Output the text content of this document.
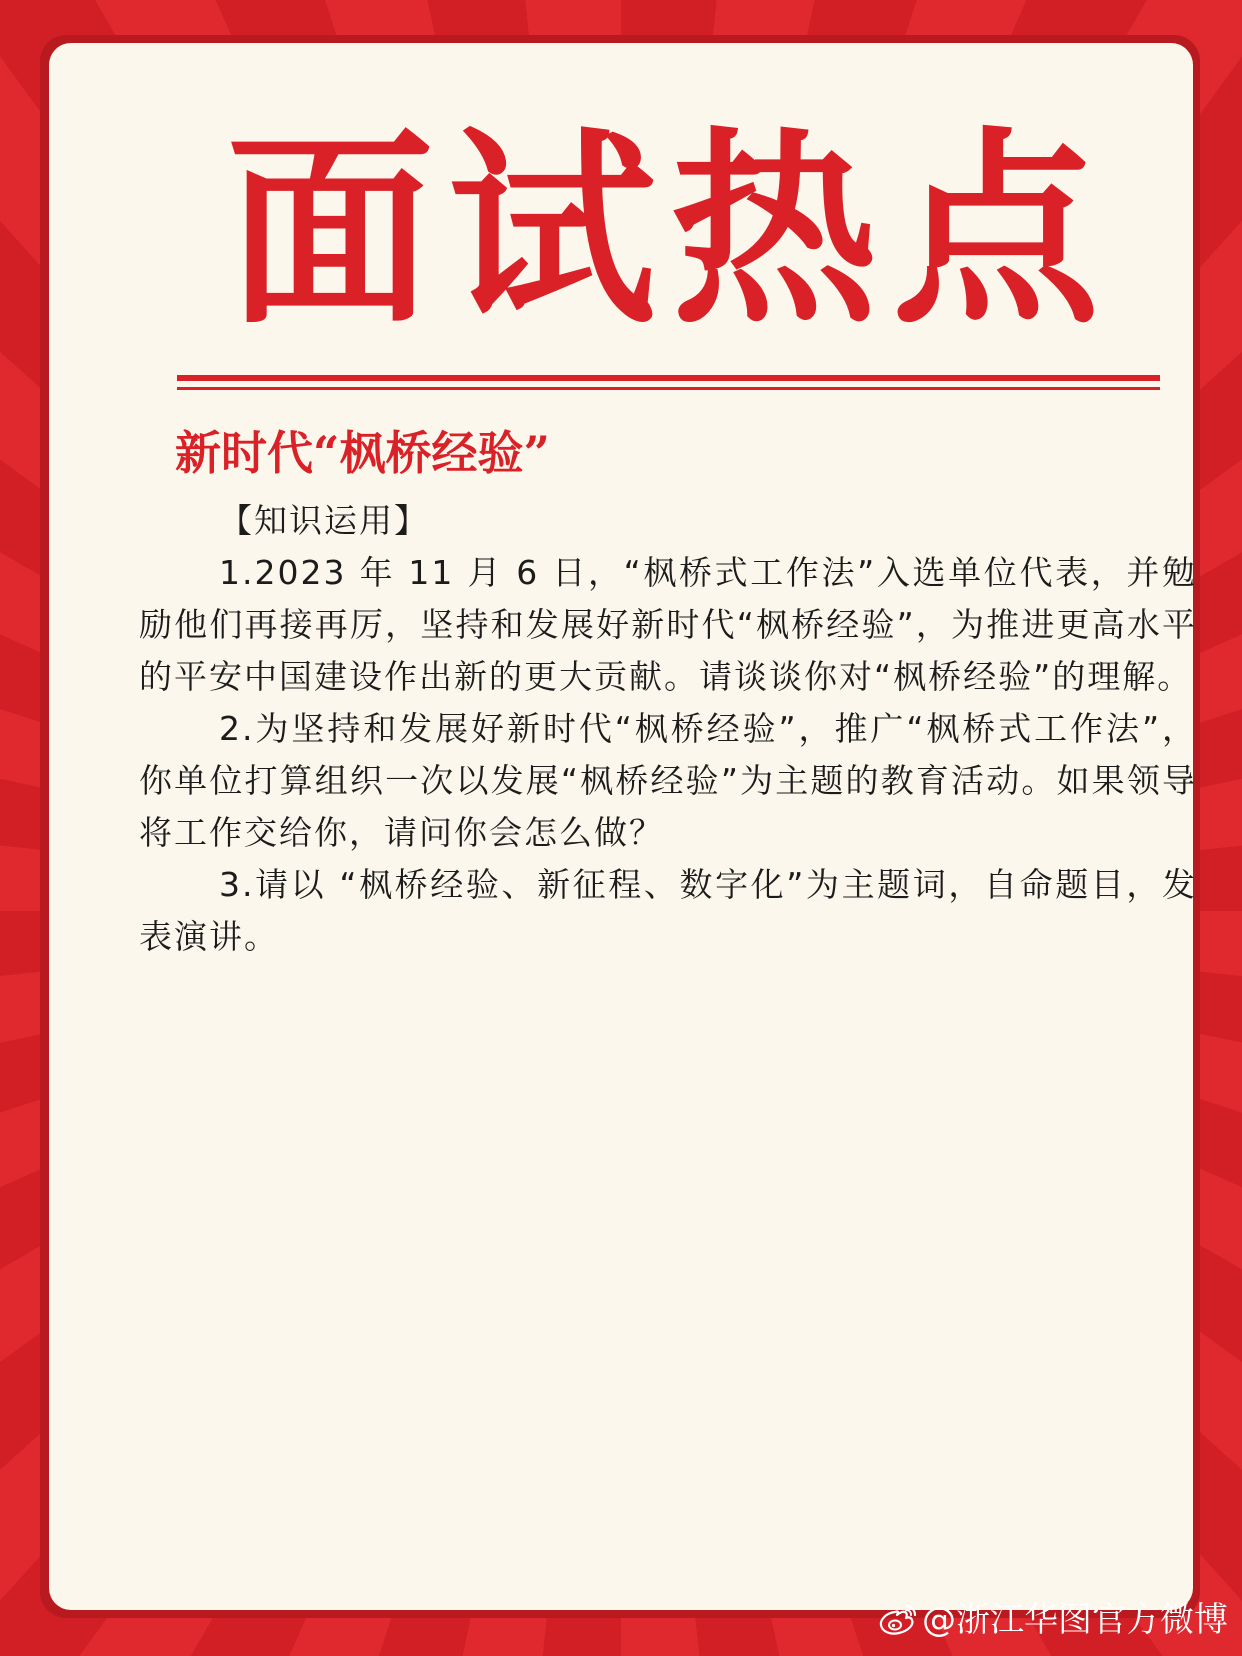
面试热点
新时代“枫桥经验”

【知识运用】

1.2023 年 11 月 6 日，“枫桥式工作法”入选单位代表，并勉励他们再接再厉，坚持和发展好新时代“枫桥经验”，为推进更高水平的平安中国建设作出新的更大贡献。请谈谈你对“枫桥经验”的理解。

2.为坚持和发展好新时代“枫桥经验”，推广“枫桥式工作法”，你单位打算组织一次以发展“枫桥经验”为主题的教育活动。如果领导将工作交给你，请问你会怎么做？

3.请以 “枫桥经验、新征程、数字化”为主题词，自命题目，发表演讲。

@浙江华图官方微博
